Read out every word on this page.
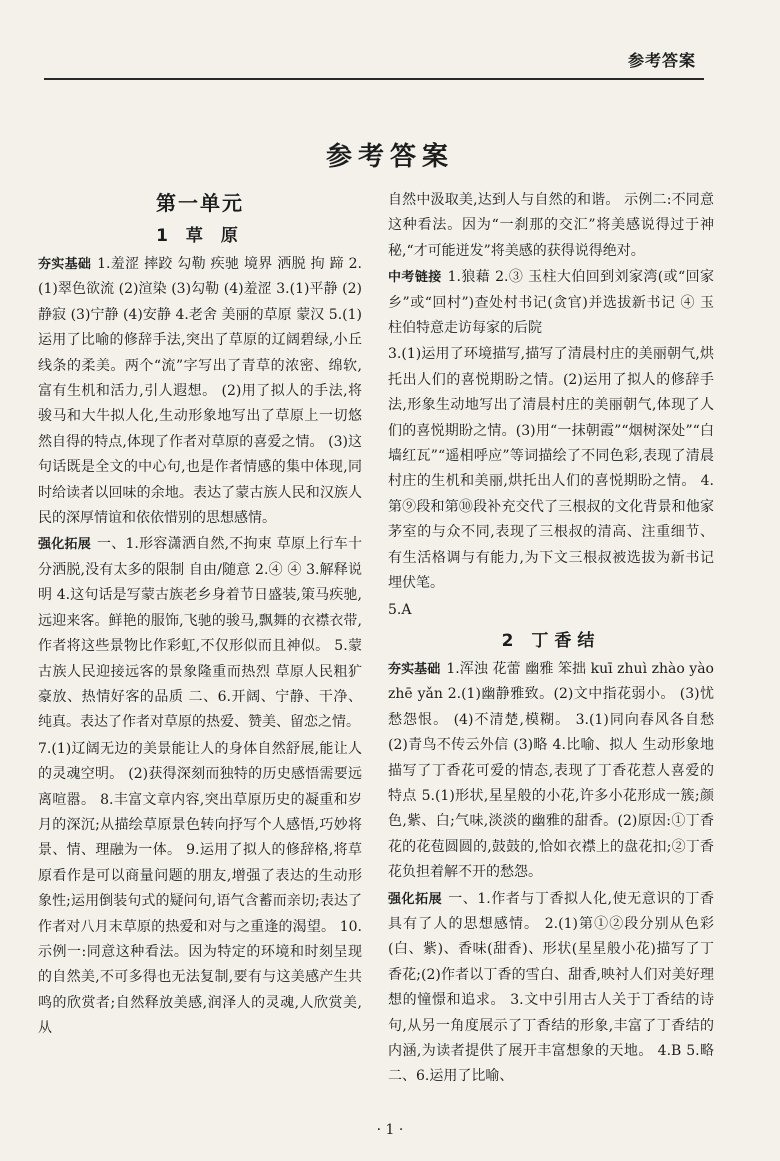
参考答案
参考答案
第一单元
1 草 原

夯实基础 1.羞涩 摔跤 勾勒 疾驰 境界 洒脱 拘 蹄 2.(1)翠色欲流 (2)渲染 (3)勾勒 (4)羞涩 3.(1)平静 (2)静寂 (3)宁静 (4)安静 4.老舍 美丽的草原 蒙汉 5.(1)运用了比喻的修辞手法,突出了草原的辽阔碧绿,小丘线条的柔美。两个“流”字写出了青草的浓密、绵软,富有生机和活力,引人遐想。 (2)用了拟人的手法,将骏马和大牛拟人化,生动形象地写出了草原上一切悠然自得的特点,体现了作者对草原的喜爱之情。 (3)这句话既是全文的中心句,也是作者情感的集中体现,同时给读者以回味的余地。表达了蒙古族人民和汉族人民的深厚情谊和依依惜别的思想感情。

强化拓展 一、1.形容潇洒自然,不拘束 草原上行车十分洒脱,没有太多的限制 自由/随意 2.④ ④ 3.解释说明 4.这句话是写蒙古族老乡身着节日盛装,策马疾驰,远迎来客。鲜艳的服饰,飞驰的骏马,飘舞的衣襟衣带,作者将这些景物比作彩虹,不仅形似而且神似。 5.蒙古族人民迎接远客的景象隆重而热烈 草原人民粗犷豪放、热情好客的品质 二、6.开阔、宁静、干净、纯真。表达了作者对草原的热爱、赞美、留恋之情。

7.(1)辽阔无边的美景能让人的身体自然舒展,能让人的灵魂空明。 (2)获得深刻而独特的历史感悟需要远离喧嚣。 8.丰富文章内容,突出草原历史的凝重和岁月的深沉;从描绘草原景色转向抒写个人感悟,巧妙将景、情、理融为一体。 9.运用了拟人的修辞格,将草原看作是可以商量问题的朋友,增强了表达的生动形象性;运用倒装句式的疑问句,语气含蓄而亲切;表达了作者对八月末草原的热爱和对与之重逢的渴望。 10.示例一:同意这种看法。因为特定的环境和时刻呈现的自然美,不可多得也无法复制,要有与这美感产生共鸣的欣赏者;自然释放美感,润泽人的灵魂,人欣赏美,从

自然中汲取美,达到人与自然的和谐。 示例二:不同意这种看法。因为“一刹那的交汇”将美感说得过于神秘,“才可能迸发”将美感的获得说得绝对。

中考链接 1.狼藉 2.③ 玉柱大伯回到刘家湾(或“回家乡”或“回村”)查处村书记(贪官)并选拔新书记 ④ 玉柱伯特意走访每家的后院

3.(1)运用了环境描写,描写了清晨村庄的美丽朝气,烘托出人们的喜悦期盼之情。(2)运用了拟人的修辞手法,形象生动地写出了清晨村庄的美丽朝气,体现了人们的喜悦期盼之情。(3)用“一抹朝霞”“烟树深处”“白墙红瓦”“遥相呼应”等词描绘了不同色彩,表现了清晨村庄的生机和美丽,烘托出人们的喜悦期盼之情。 4.第⑨段和第⑩段补充交代了三根叔的文化背景和他家茅室的与众不同,表现了三根叔的清高、注重细节、有生活格调与有能力,为下文三根叔被选拔为新书记埋伏笔。

5.A

2 丁香结

夯实基础 1.浑浊 花蕾 幽雅 笨拙 kuī zhuì zhào yào zhē yǎn 2.(1)幽静雅致。(2)文中指花弱小。 (3)忧愁怨恨。 (4)不清楚,模糊。 3.(1)同向春风各自愁 (2)青鸟不传云外信 (3)略 4.比喻、拟人 生动形象地描写了丁香花可爱的情态,表现了丁香花惹人喜爱的特点 5.(1)形状,星星般的小花,许多小花形成一簇;颜色,紫、白;气味,淡淡的幽雅的甜香。(2)原因:①丁香花的花苞圆圆的,鼓鼓的,恰如衣襟上的盘花扣;②丁香花负担着解不开的愁怨。

强化拓展 一、1.作者与丁香拟人化,使无意识的丁香具有了人的思想感情。 2.(1)第①②段分别从色彩(白、紫)、香味(甜香)、形状(星星般小花)描写了丁香花;(2)作者以丁香的雪白、甜香,映衬人们对美好理想的憧憬和追求。 3.文中引用古人关于丁香结的诗句,从另一角度展示了丁香结的形象,丰富了丁香结的内涵,为读者提供了展开丰富想象的天地。 4.B 5.略 二、6.运用了比喻、

· 1 ·
